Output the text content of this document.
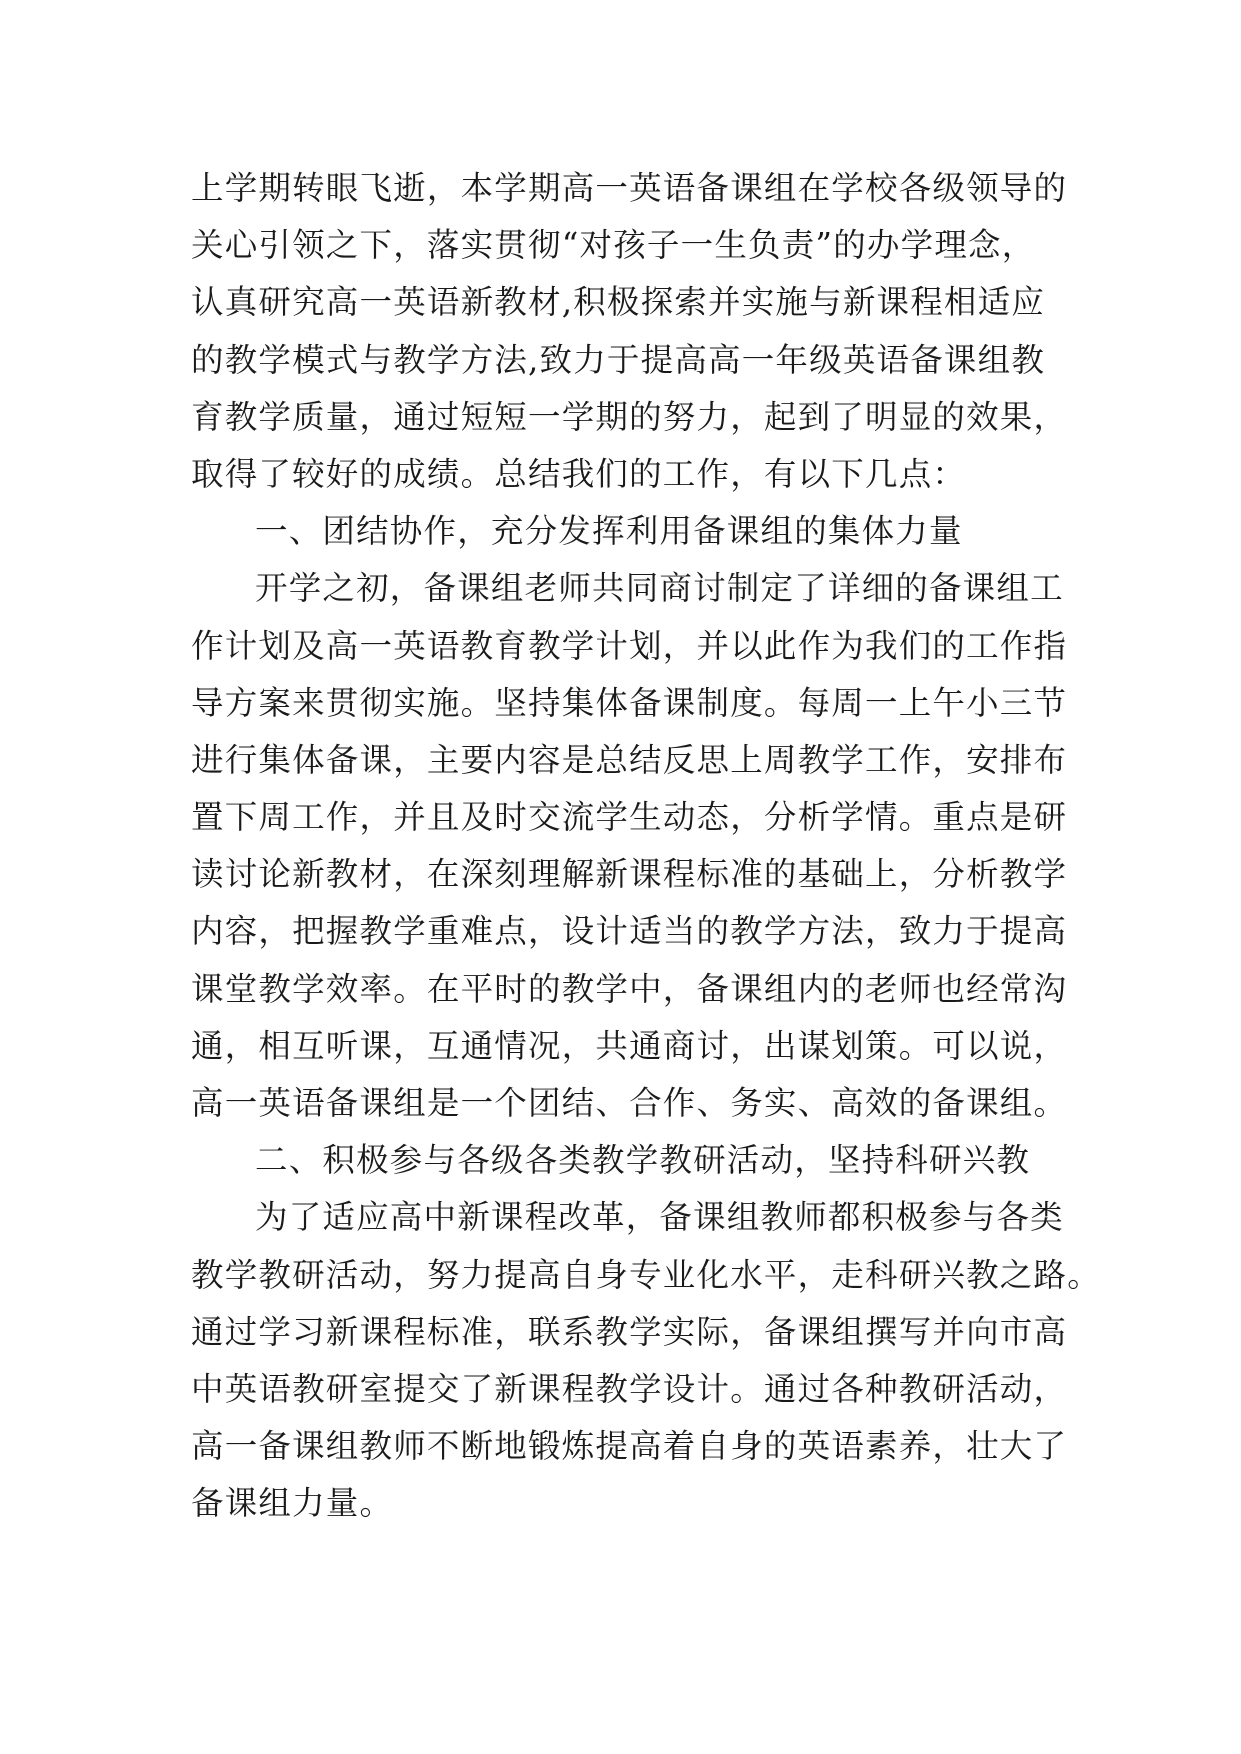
上学期转眼飞逝，本学期高一英语备课组在学校各级领导的
关心引领之下，落实贯彻“对孩子一生负责”的办学理念，
认真研究高一英语新教材,积极探索并实施与新课程相适应
的教学模式与教学方法,致力于提高高一年级英语备课组教
育教学质量，通过短短一学期的努力，起到了明显的效果，
取得了较好的成绩。总结我们的工作，有以下几点：
一、团结协作，充分发挥利用备课组的集体力量
开学之初，备课组老师共同商讨制定了详细的备课组工
作计划及高一英语教育教学计划，并以此作为我们的工作指
导方案来贯彻实施。坚持集体备课制度。每周一上午小三节
进行集体备课，主要内容是总结反思上周教学工作，安排布
置下周工作，并且及时交流学生动态，分析学情。重点是研
读讨论新教材，在深刻理解新课程标准的基础上，分析教学
内容，把握教学重难点，设计适当的教学方法，致力于提高
课堂教学效率。在平时的教学中，备课组内的老师也经常沟
通，相互听课，互通情况，共通商讨，出谋划策。可以说，
高一英语备课组是一个团结、合作、务实、高效的备课组。
二、积极参与各级各类教学教研活动，坚持科研兴教
为了适应高中新课程改革，备课组教师都积极参与各类
教学教研活动，努力提高自身专业化水平，走科研兴教之路。
通过学习新课程标准，联系教学实际，备课组撰写并向市高
中英语教研室提交了新课程教学设计。通过各种教研活动，
高一备课组教师不断地锻炼提高着自身的英语素养，壮大了
备课组力量。
